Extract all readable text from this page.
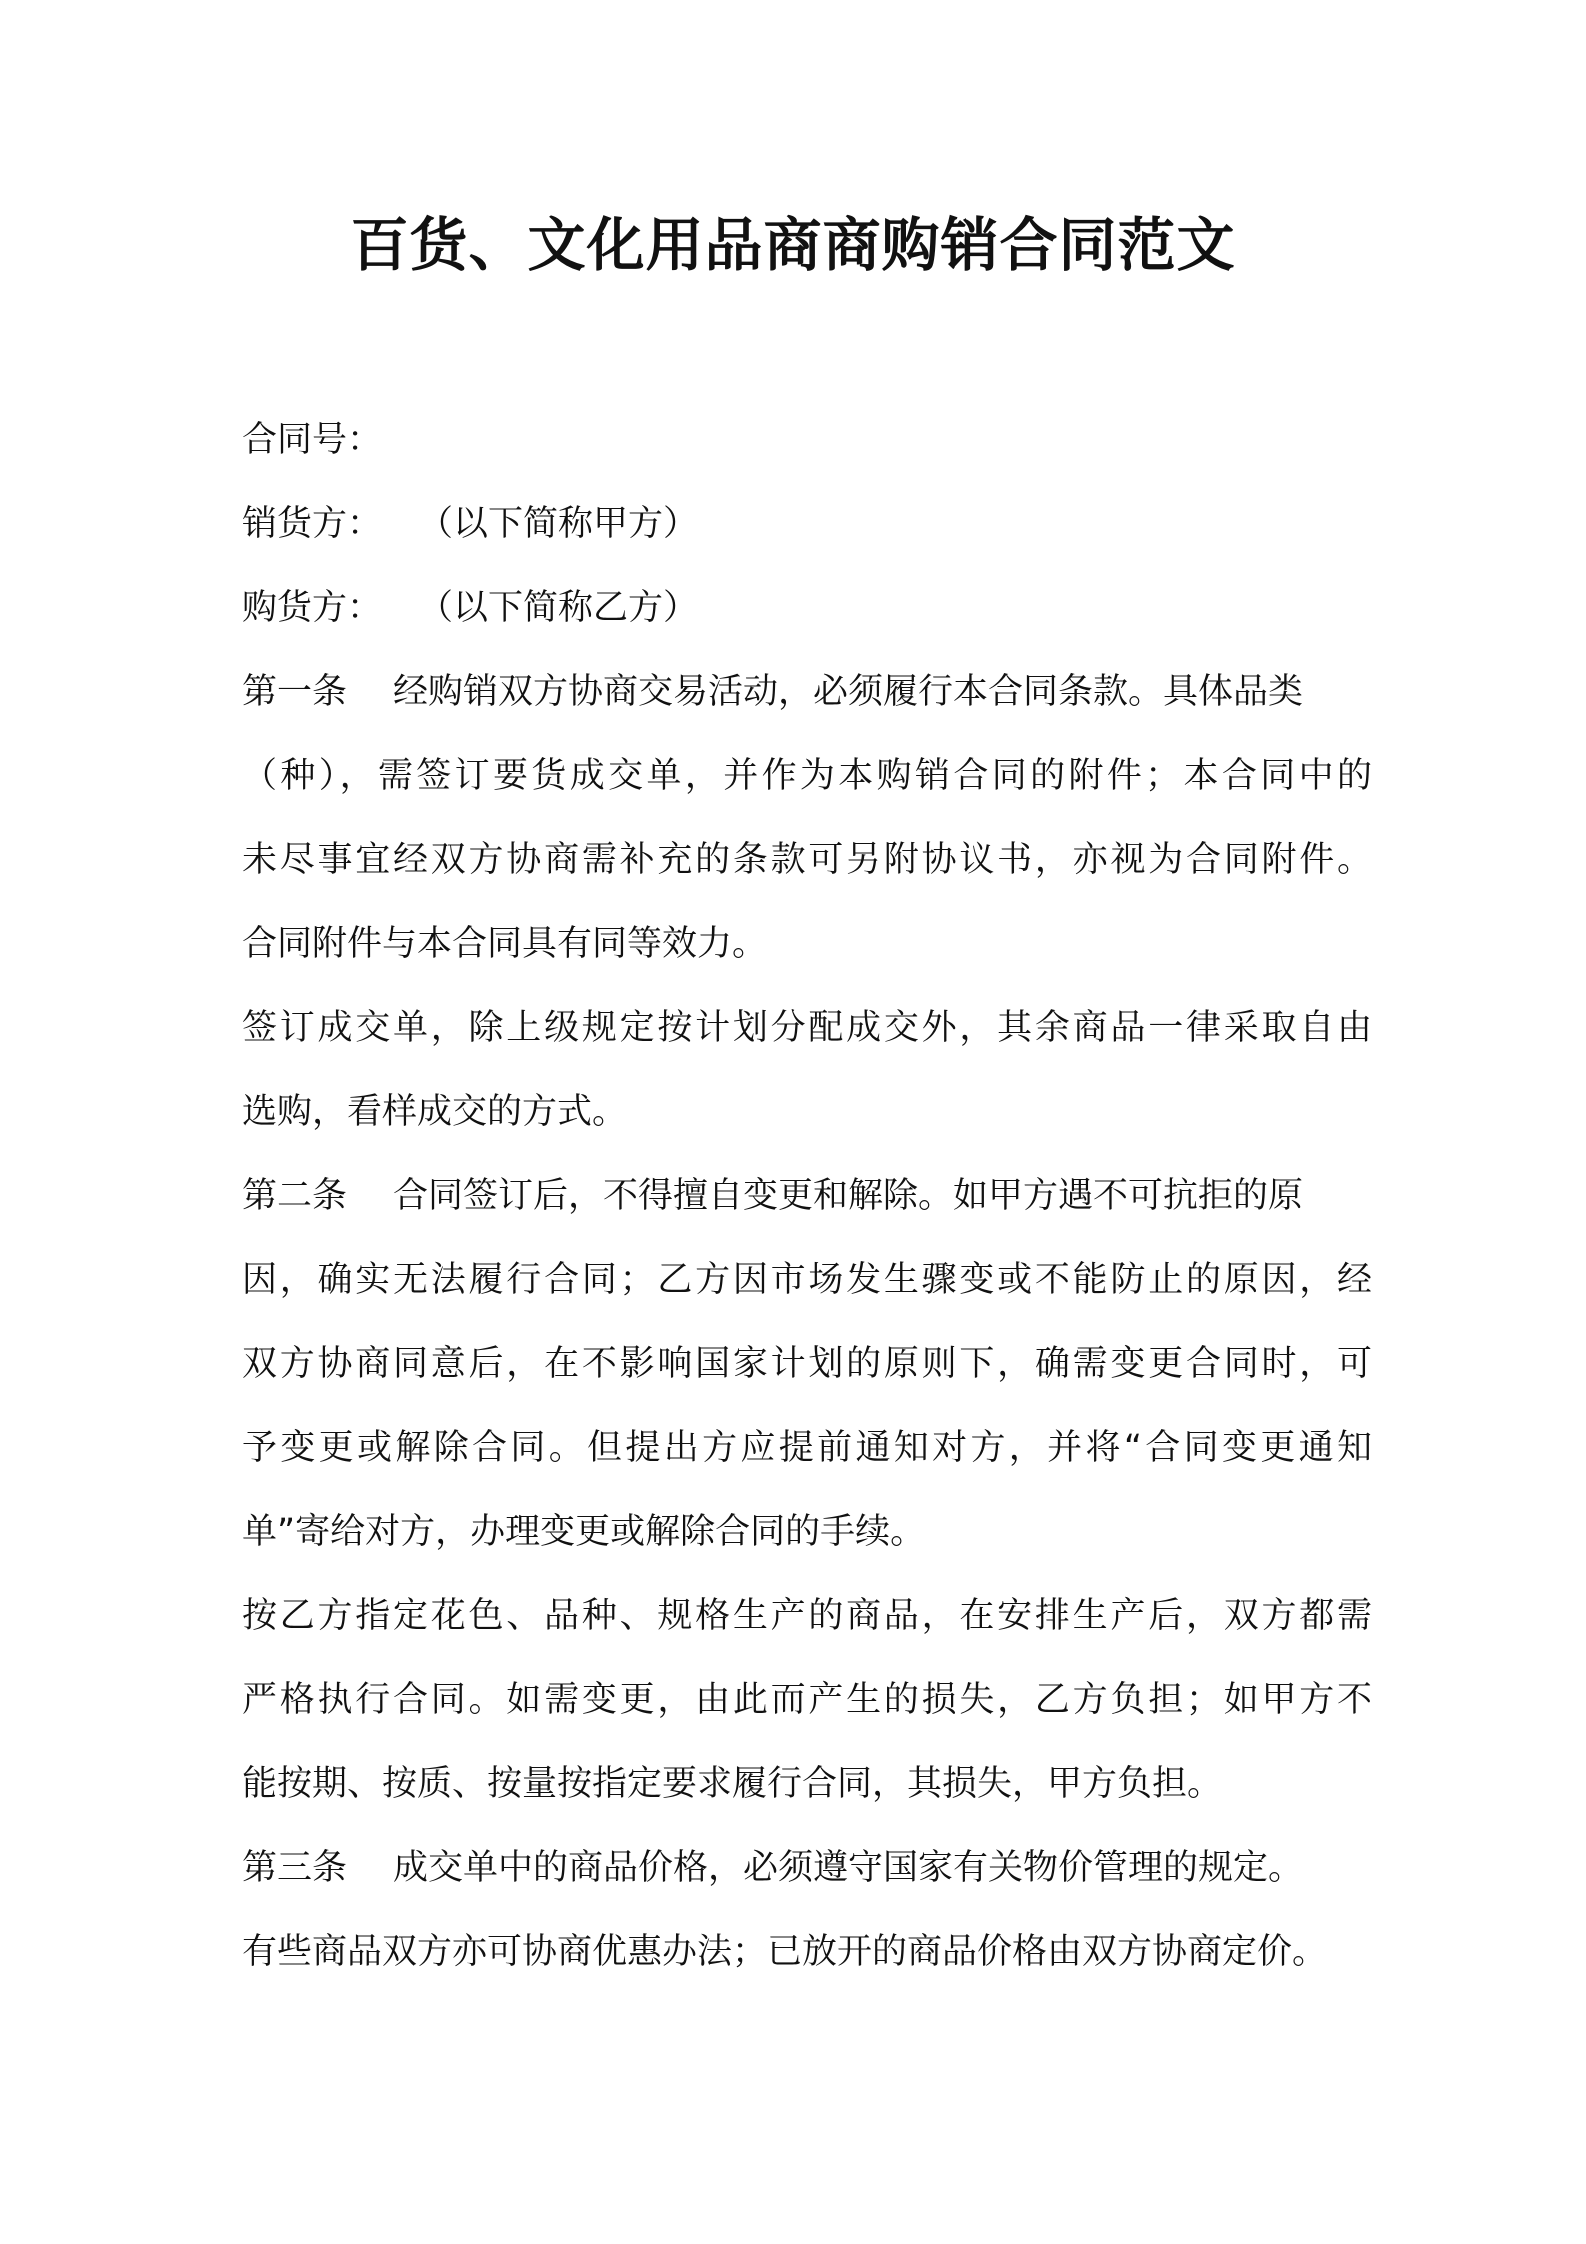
百货、文化用品商商购销合同范文

合同号：

销货方： （以下简称甲方）

购货方： （以下简称乙方）

第一条 经购销双方协商交易活动，必须履行本合同条款。具体品类

（种），需签订要货成交单，并作为本购销合同的附件；本合同中的

未尽事宜经双方协商需补充的条款可另附协议书，亦视为合同附件。

合同附件与本合同具有同等效力。

签订成交单，除上级规定按计划分配成交外，其余商品一律采取自由

选购，看样成交的方式。

第二条 合同签订后，不得擅自变更和解除。如甲方遇不可抗拒的原

因，确实无法履行合同；乙方因市场发生骤变或不能防止的原因，经

双方协商同意后，在不影响国家计划的原则下，确需变更合同时，可

予变更或解除合同。但提出方应提前通知对方，并将“合同变更通知

单”寄给对方，办理变更或解除合同的手续。

按乙方指定花色、品种、规格生产的商品，在安排生产后，双方都需

严格执行合同。如需变更，由此而产生的损失，乙方负担；如甲方不

能按期、按质、按量按指定要求履行合同，其损失，甲方负担。

第三条 成交单中的商品价格，必须遵守国家有关物价管理的规定。

有些商品双方亦可协商优惠办法；已放开的商品价格由双方协商定价。
